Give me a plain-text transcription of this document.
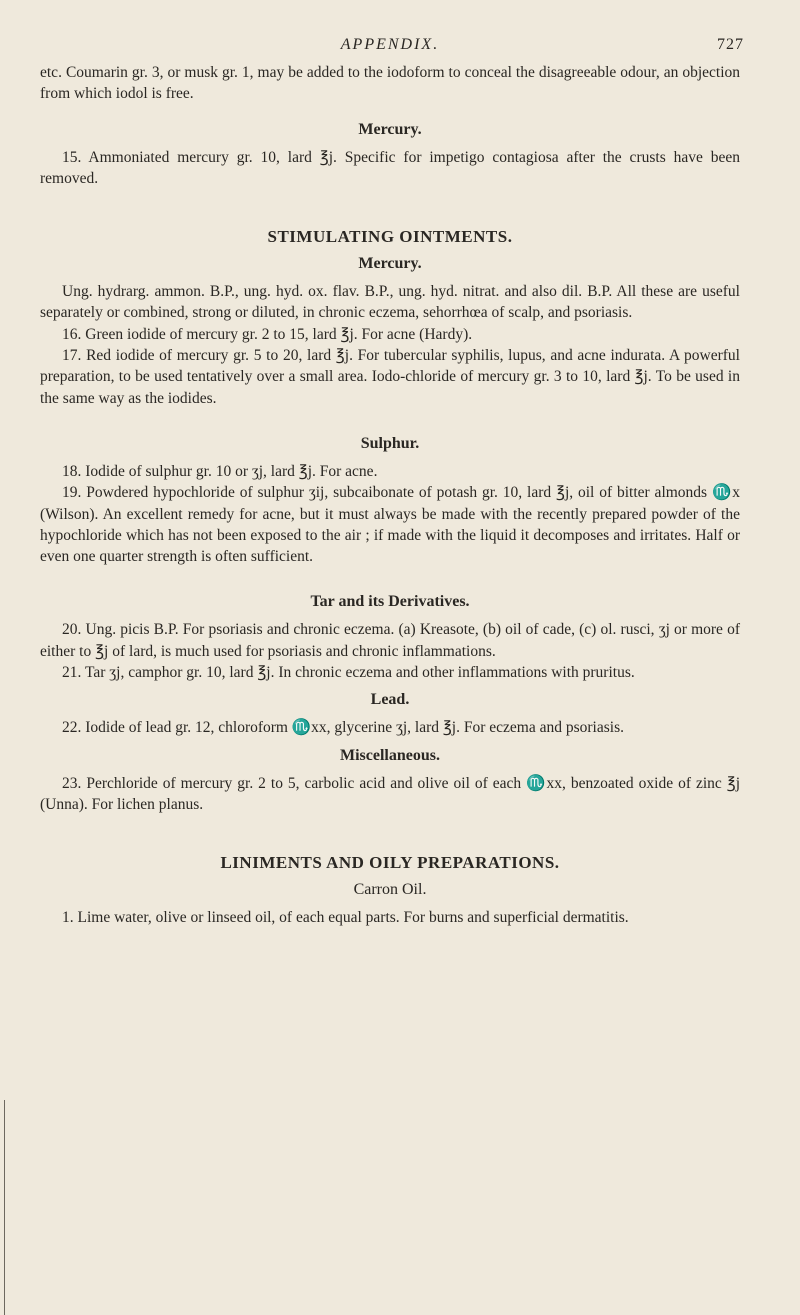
APPENDIX.	727

etc. Coumarin gr. 3, or musk gr. 1, may be added to the iodoform to conceal the disagreeable odour, an objection from which iodol is free.

Mercury.

15. Ammoniated mercury gr. 10, lard ℥j. Specific for impetigo contagiosa after the crusts have been removed.

STIMULATING OINTMENTS.
Mercury.

Ung. hydrarg. ammon. B.P., ung. hyd. ox. flav. B.P., ung. hyd. nitrat. and also dil. B.P. All these are useful separately or combined, strong or diluted, in chronic eczema, sehorrhœa of scalp, and psoriasis.

16. Green iodide of mercury gr. 2 to 15, lard ℥j. For acne (Hardy).

17. Red iodide of mercury gr. 5 to 20, lard ℥j. For tubercular syphilis, lupus, and acne indurata. A powerful preparation, to be used tentatively over a small area. Iodo-chloride of mercury gr. 3 to 10, lard ℥j. To be used in the same way as the iodides.

Sulphur.

18. Iodide of sulphur gr. 10 or ʒj, lard ℥j. For acne.

19. Powdered hypochloride of sulphur ʒij, subcaibonate of potash gr. 10, lard ℥j, oil of bitter almonds ♏x (Wilson). An excellent remedy for acne, but it must always be made with the recently prepared powder of the hypochloride which has not been exposed to the air ; if made with the liquid it decomposes and irritates. Half or even one quarter strength is often sufficient.

Tar and its Derivatives.

20. Ung. picis B.P. For psoriasis and chronic eczema. (a) Kreasote, (b) oil of cade, (c) ol. rusci, ʒj or more of either to ℥j of lard, is much used for psoriasis and chronic inflammations.

21. Tar ʒj, camphor gr. 10, lard ℥j. In chronic eczema and other inflammations with pruritus.

Lead.

22. Iodide of lead gr. 12, chloroform ♏xx, glycerine ʒj, lard ℥j. For eczema and psoriasis.

Miscellaneous.

23. Perchloride of mercury gr. 2 to 5, carbolic acid and olive oil of each ♏xx, benzoated oxide of zinc ℥j (Unna). For lichen planus.

LINIMENTS AND OILY PREPARATIONS.
Carron Oil.

1. Lime water, olive or linseed oil, of each equal parts. For burns and superficial dermatitis.
